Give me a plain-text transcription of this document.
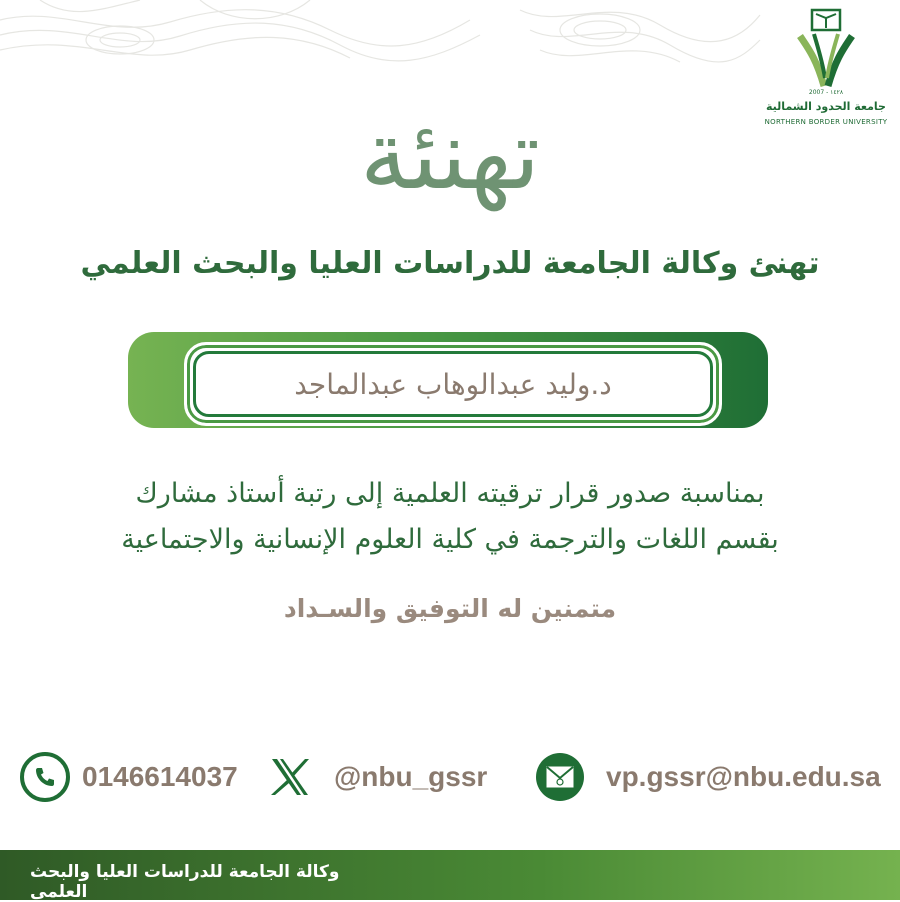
2007 - ١٤٢٨
جامعة الحدود الشمالية
NORTHERN BORDER UNIVERSITY
تهنئة
تهنئ وكالة الجامعة للدراسات العليا والبحث العلمي
د.وليد عبدالوهاب عبدالماجد
بمناسبة صدور قرار ترقيته العلمية إلى رتبة أستاذ مشارك
بقسم اللغات والترجمة في كلية العلوم الإنسانية والاجتماعية
متمنين له التوفيق والسـداد
0146614037	@nbu_gssr	vp.gssr@nbu.edu.sa
وكالة الجامعة للدراسات العليا والبحث العلمي
